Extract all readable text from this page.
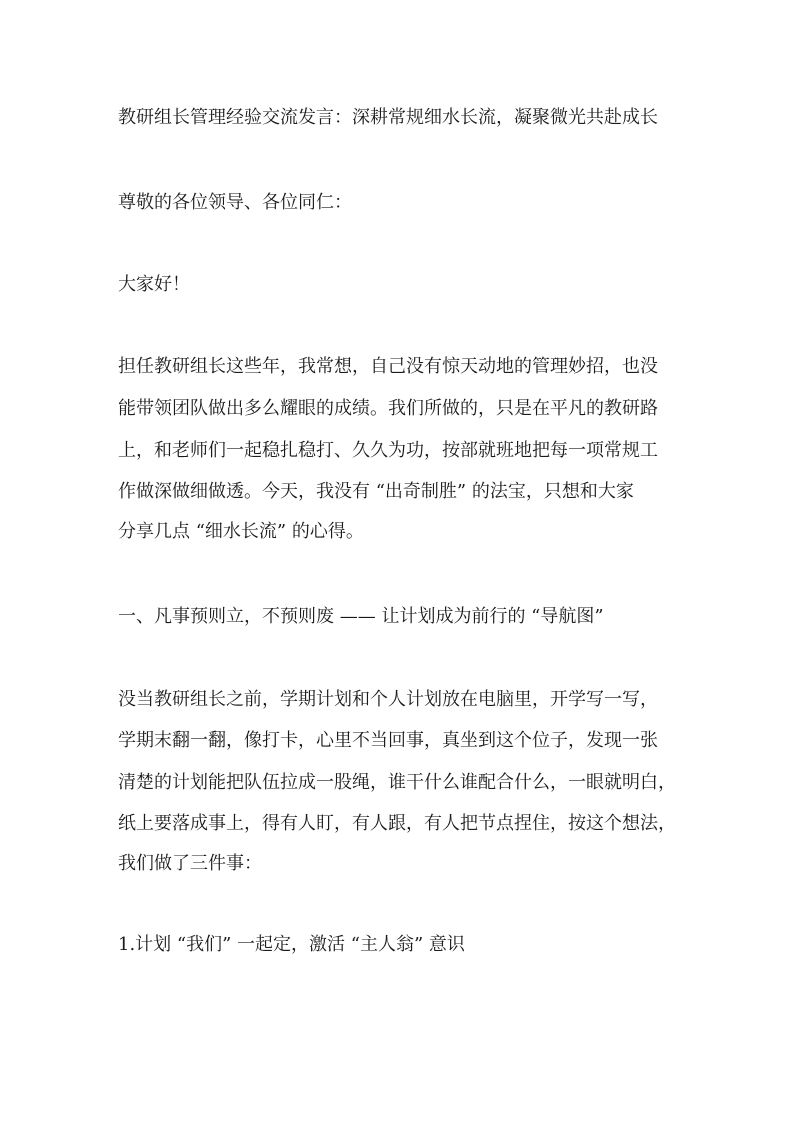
教研组长管理经验交流发言：深耕常规细水长流，凝聚微光共赴成长
尊敬的各位领导、各位同仁：
大家好！
担任教研组长这些年，我常想，自己没有惊天动地的管理妙招，也没
能带领团队做出多么耀眼的成绩。我们所做的，只是在平凡的教研路
上，和老师们一起稳扎稳打、久久为功，按部就班地把每一项常规工
作做深做细做透。今天，我没有 “出奇制胜” 的法宝，只想和大家
分享几点 “细水长流” 的心得。
一、凡事预则立，不预则废 —— 让计划成为前行的 “导航图”
没当教研组长之前，学期计划和个人计划放在电脑里，开学写一写，
学期末翻一翻，像打卡，心里不当回事，真坐到这个位子，发现一张
清楚的计划能把队伍拉成一股绳，谁干什么谁配合什么，一眼就明白，
纸上要落成事上，得有人盯，有人跟，有人把节点捏住，按这个想法，
我们做了三件事：
1.计划 “我们” 一起定，激活 “主人翁” 意识
